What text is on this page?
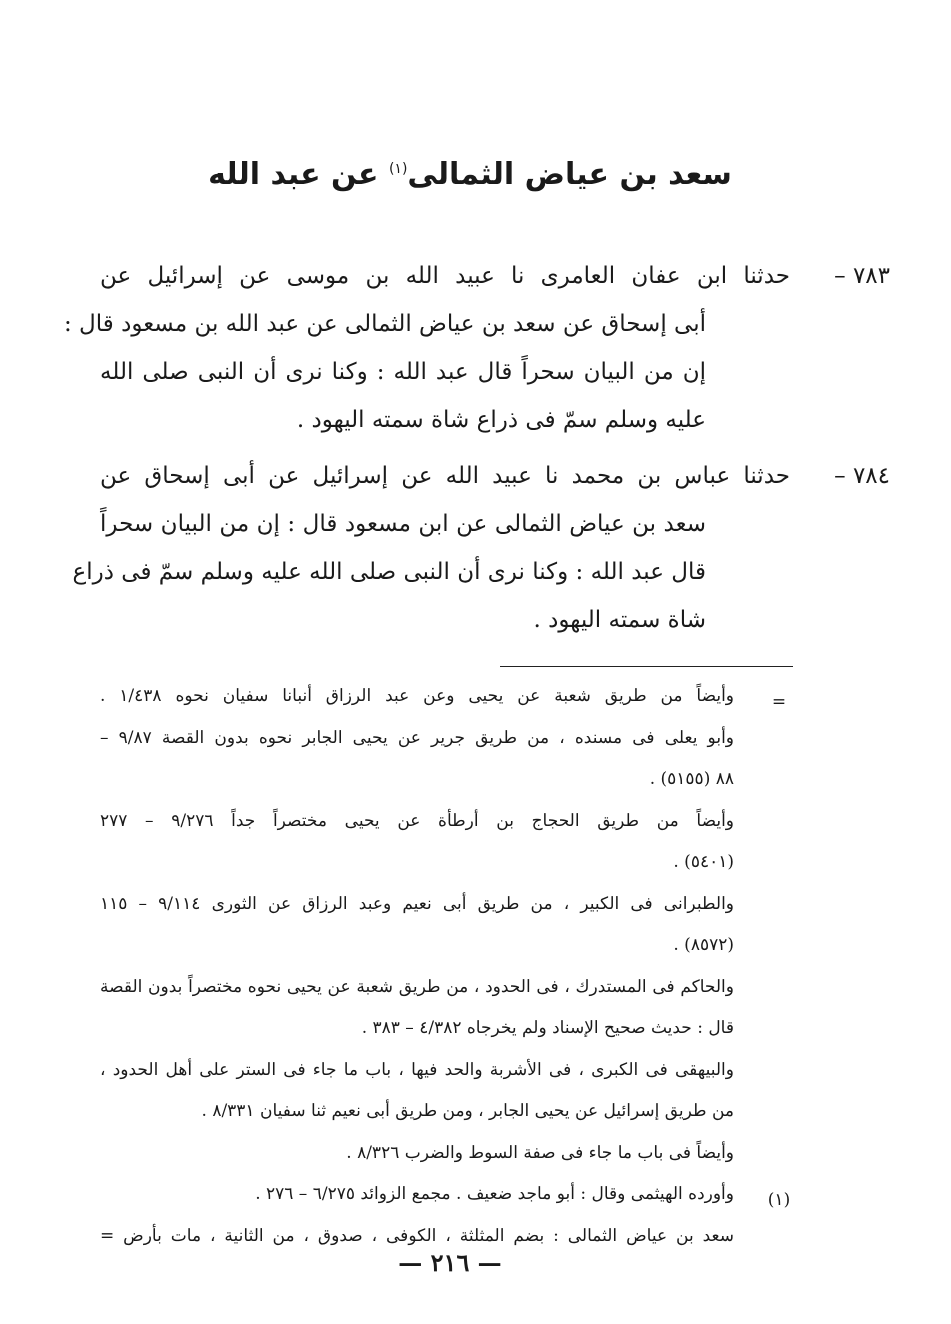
سعد بن عياض الثمالى$^{(١)}$ عن عبد الله
٧٨٣ –
حدثنا ابن عفان العامرى نا عبيد الله بن موسى عن إسرائيل عن
أبى إسحاق عن سعد بن عياض الثمالى عن عبد الله بن مسعود قال :
إن من البيان سحراً قال عبد الله : وكنا نرى أن النبى صلى الله
عليه وسلم سمّ فى ذراع شاة سمته اليهود .
٧٨٤ –
حدثنا عباس بن محمد نا عبيد الله عن إسرائيل عن أبى إسحاق عن
سعد بن عياض الثمالى عن ابن مسعود قال : إن من البيان سحراً
قال عبد الله : وكنا نرى أن النبى صلى الله عليه وسلم سمّ فى ذراع
شاة سمته اليهود .
=
وأيضاً من طريق شعبة عن يحيى وعن عبد الرزاق أنبانا سفيان نحوه ١/٤٣٨ .
وأبو يعلى فى مسنده ، من طريق جرير عن يحيى الجابر نحوه بدون القصة ٩/٨٧ –
٨٨ (٥١٥٥) .
وأيضاً من طريق الحجاج بن أرطأة عن يحيى مختصراً جداً ٩/٢٧٦ – ٢٧٧
(٥٤٠١) .
والطبرانى فى الكبير ، من طريق أبى نعيم وعبد الرزاق عن الثورى ٩/١١٤ – ١١٥
(٨٥٧٢) .
والحاكم فى المستدرك ، فى الحدود ، من طريق شعبة عن يحيى نحوه مختصراً بدون القصة
قال : حديث صحيح الإسناد ولم يخرجاه ٤/٣٨٢ – ٣٨٣ .
والبيهقى فى الكبرى ، فى الأشربة والحد فيها ، باب ما جاء فى الستر على أهل الحدود ،
من طريق إسرائيل عن يحيى الجابر ، ومن طريق أبى نعيم ثنا سفيان ٨/٣٣١ .
وأيضاً فى باب ما جاء فى صفة السوط والضرب ٨/٣٢٦ .
وأورده الهيثمى وقال : أبو ماجد ضعيف . مجمع الزوائد ٦/٢٧٥ – ٢٧٦ .	(١)
سعد بن عياض الثمالى : بضم المثلثة ، الكوفى ، صدوق ، من الثانية ، مات بأرض =
— ٢١٦ —
